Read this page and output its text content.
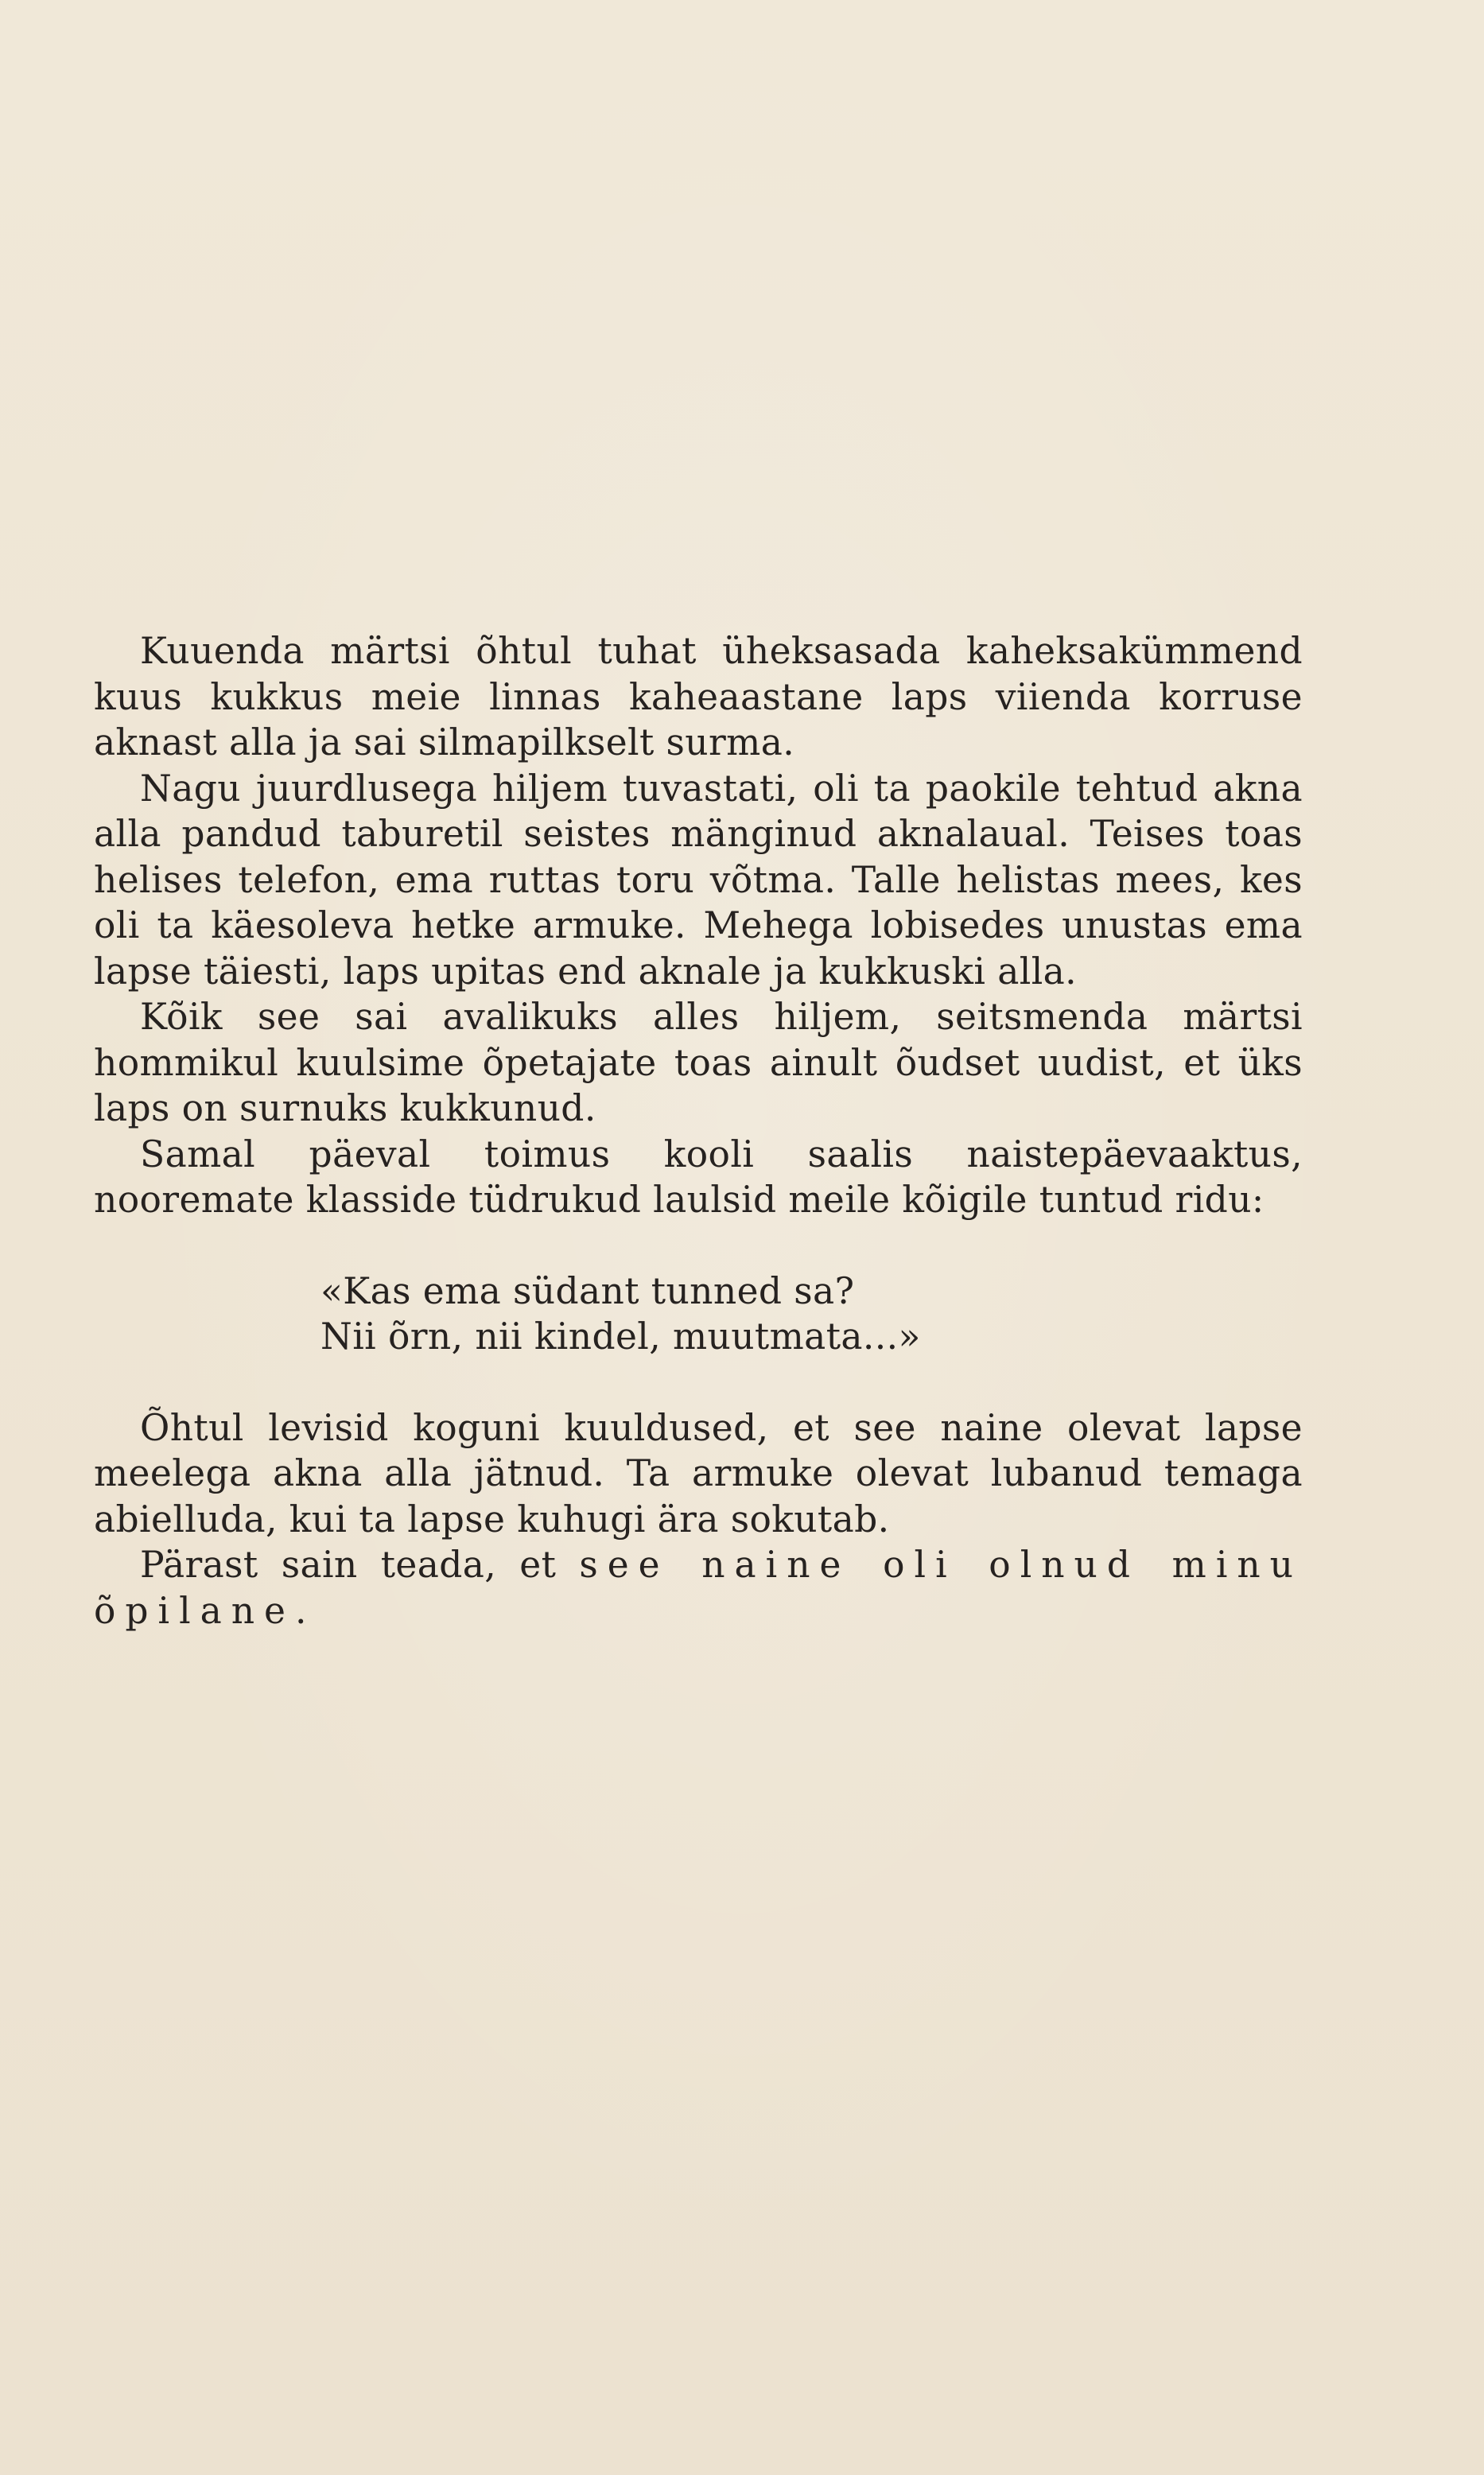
Kuuenda märtsi õhtul tuhat üheksasada kaheksakümmend kuus kukkus meie linnas kaheaastane laps viienda korruse aknast alla ja sai silmapilkselt surma.

Nagu juurdlusega hiljem tuvastati, oli ta paokile tehtud akna alla pandud taburetil seistes mänginud aknalaual. Teises toas helises telefon, ema ruttas toru võtma. Talle helistas mees, kes oli ta käesoleva hetke armuke. Mehega lobisedes unustas ema lapse täiesti, laps upitas end aknale ja kukkuski alla.

Kõik see sai avalikuks alles hiljem, seitsmenda märtsi hommikul kuulsime õpetajate toas ainult õudset uudist, et üks laps on surnuks kukkunud.

Samal päeval toimus kooli saalis naistepäevaaktus, nooremate klasside tüdrukud laulsid meile kõigile tuntud ridu:

«Kas ema südant tunned sa?
Nii õrn, nii kindel, muutmata...»

Õhtul levisid koguni kuuldused, et see naine olevat lapse meelega akna alla jätnud. Ta armuke olevat lubanud temaga abielluda, kui ta lapse kuhugi ära sokutab.

Pärast sain teada, et see naine oli olnud minu õpilane.
